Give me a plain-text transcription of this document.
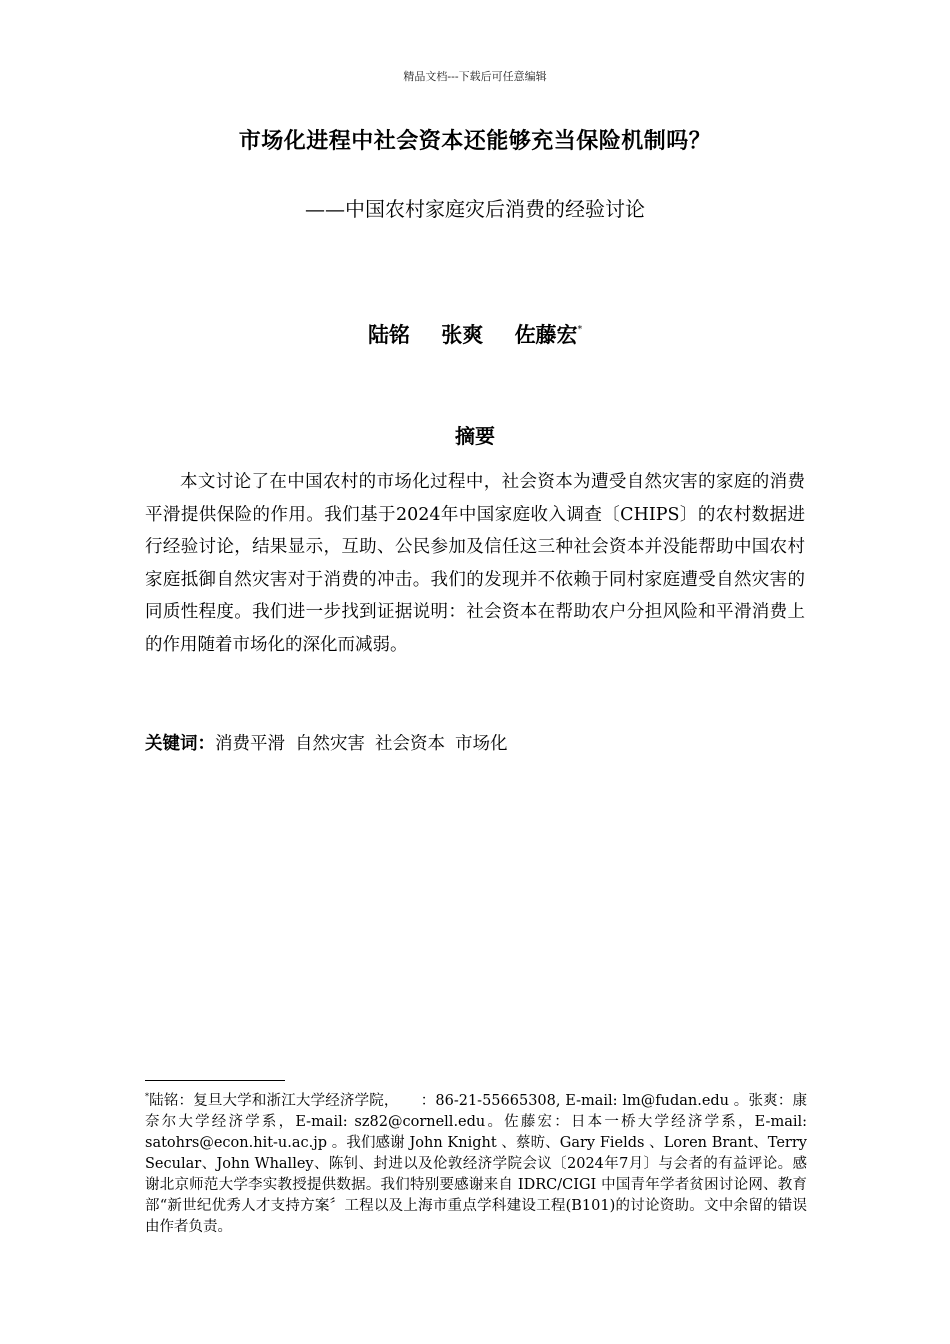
精品文档---下载后可任意编辑
市场化进程中社会资本还能够充当保险机制吗？
——中国农村家庭灾后消费的经验讨论
陆铭 张爽 佐藤宏*
摘要
本文讨论了在中国农村的市场化过程中，社会资本为遭受自然灾害的家庭的消费平滑提供保险的作用。我们基于2024年中国家庭收入调查〔CHIPS〕的农村数据进行经验讨论，结果显示，互助、公民参加及信任这三种社会资本并没能帮助中国农村家庭抵御自然灾害对于消费的冲击。我们的发现并不依赖于同村家庭遭受自然灾害的同质性程度。我们进一步找到证据说明：社会资本在帮助农户分担风险和平滑消费上的作用随着市场化的深化而减弱。
关键词：消费平滑 自然灾害 社会资本 市场化
*陆铭：复旦大学和浙江大学经济学院，　　：86-21-55665308, E-mail: lm@fudan.edu 。张爽：康奈尔大学经济学系，E-mail: sz82@cornell.edu。佐藤宏：日本一桥大学经济学系，E-mail: satohrs@econ.hit-u.ac.jp 。我们感谢 John Knight 、蔡昉、Gary Fields 、Loren Brant、Terry Secular、John Whalley、陈钊、封进以及伦敦经济学院会议〔2024年7月〕与会者的有益评论。感谢北京师范大学李实教授提供数据。我们特别要感谢来自 IDRC/CIGI 中国青年学者贫困讨论网、教育部“新世纪优秀人才支持方案〞工程以及上海市重点学科建设工程(B101)的讨论资助。文中余留的错误由作者负责。
